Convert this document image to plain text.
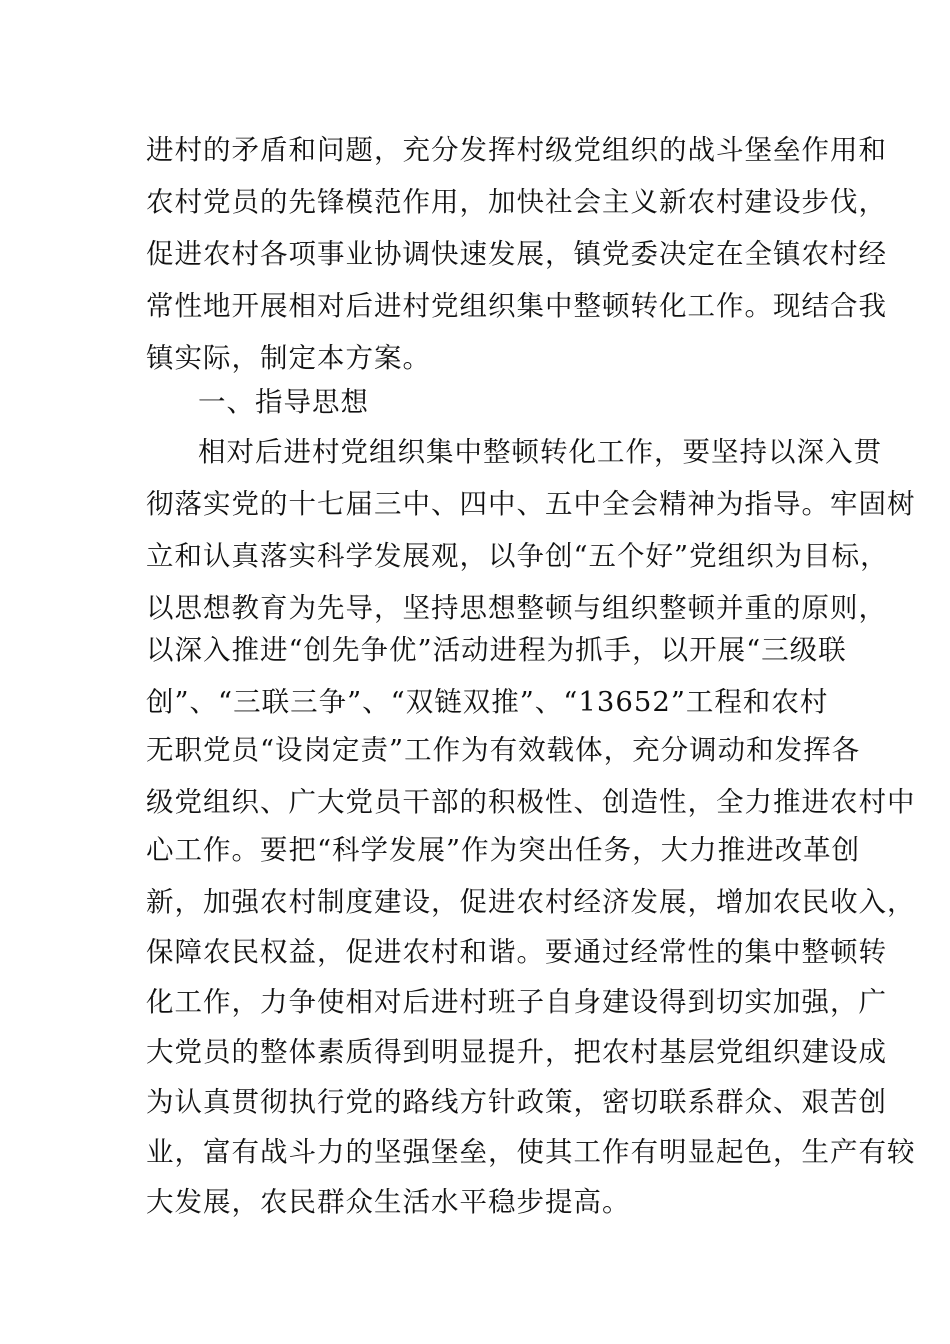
进村的矛盾和问题，充分发挥村级党组织的战斗堡垒作用和
农村党员的先锋模范作用，加快社会主义新农村建设步伐，
促进农村各项事业协调快速发展，镇党委决定在全镇农村经
常性地开展相对后进村党组织集中整顿转化工作。现结合我
镇实际，制定本方案。
一、指导思想
相对后进村党组织集中整顿转化工作，要坚持以深入贯
彻落实党的十七届三中、四中、五中全会精神为指导。牢固树
立和认真落实科学发展观，以争创“五个好”党组织为目标，
以思想教育为先导，坚持思想整顿与组织整顿并重的原则，
以深入推进“创先争优”活动进程为抓手，以开展“三级联
创”、“三联三争”、“双链双推”、“13652”工程和农村
无职党员“设岗定责”工作为有效载体，充分调动和发挥各
级党组织、广大党员干部的积极性、创造性，全力推进农村中
心工作。要把“科学发展”作为突出任务，大力推进改革创
新，加强农村制度建设，促进农村经济发展，增加农民收入，
保障农民权益，促进农村和谐。要通过经常性的集中整顿转
化工作，力争使相对后进村班子自身建设得到切实加强，广
大党员的整体素质得到明显提升，把农村基层党组织建设成
为认真贯彻执行党的路线方针政策，密切联系群众、艰苦创
业，富有战斗力的坚强堡垒，使其工作有明显起色，生产有较
大发展，农民群众生活水平稳步提高。
